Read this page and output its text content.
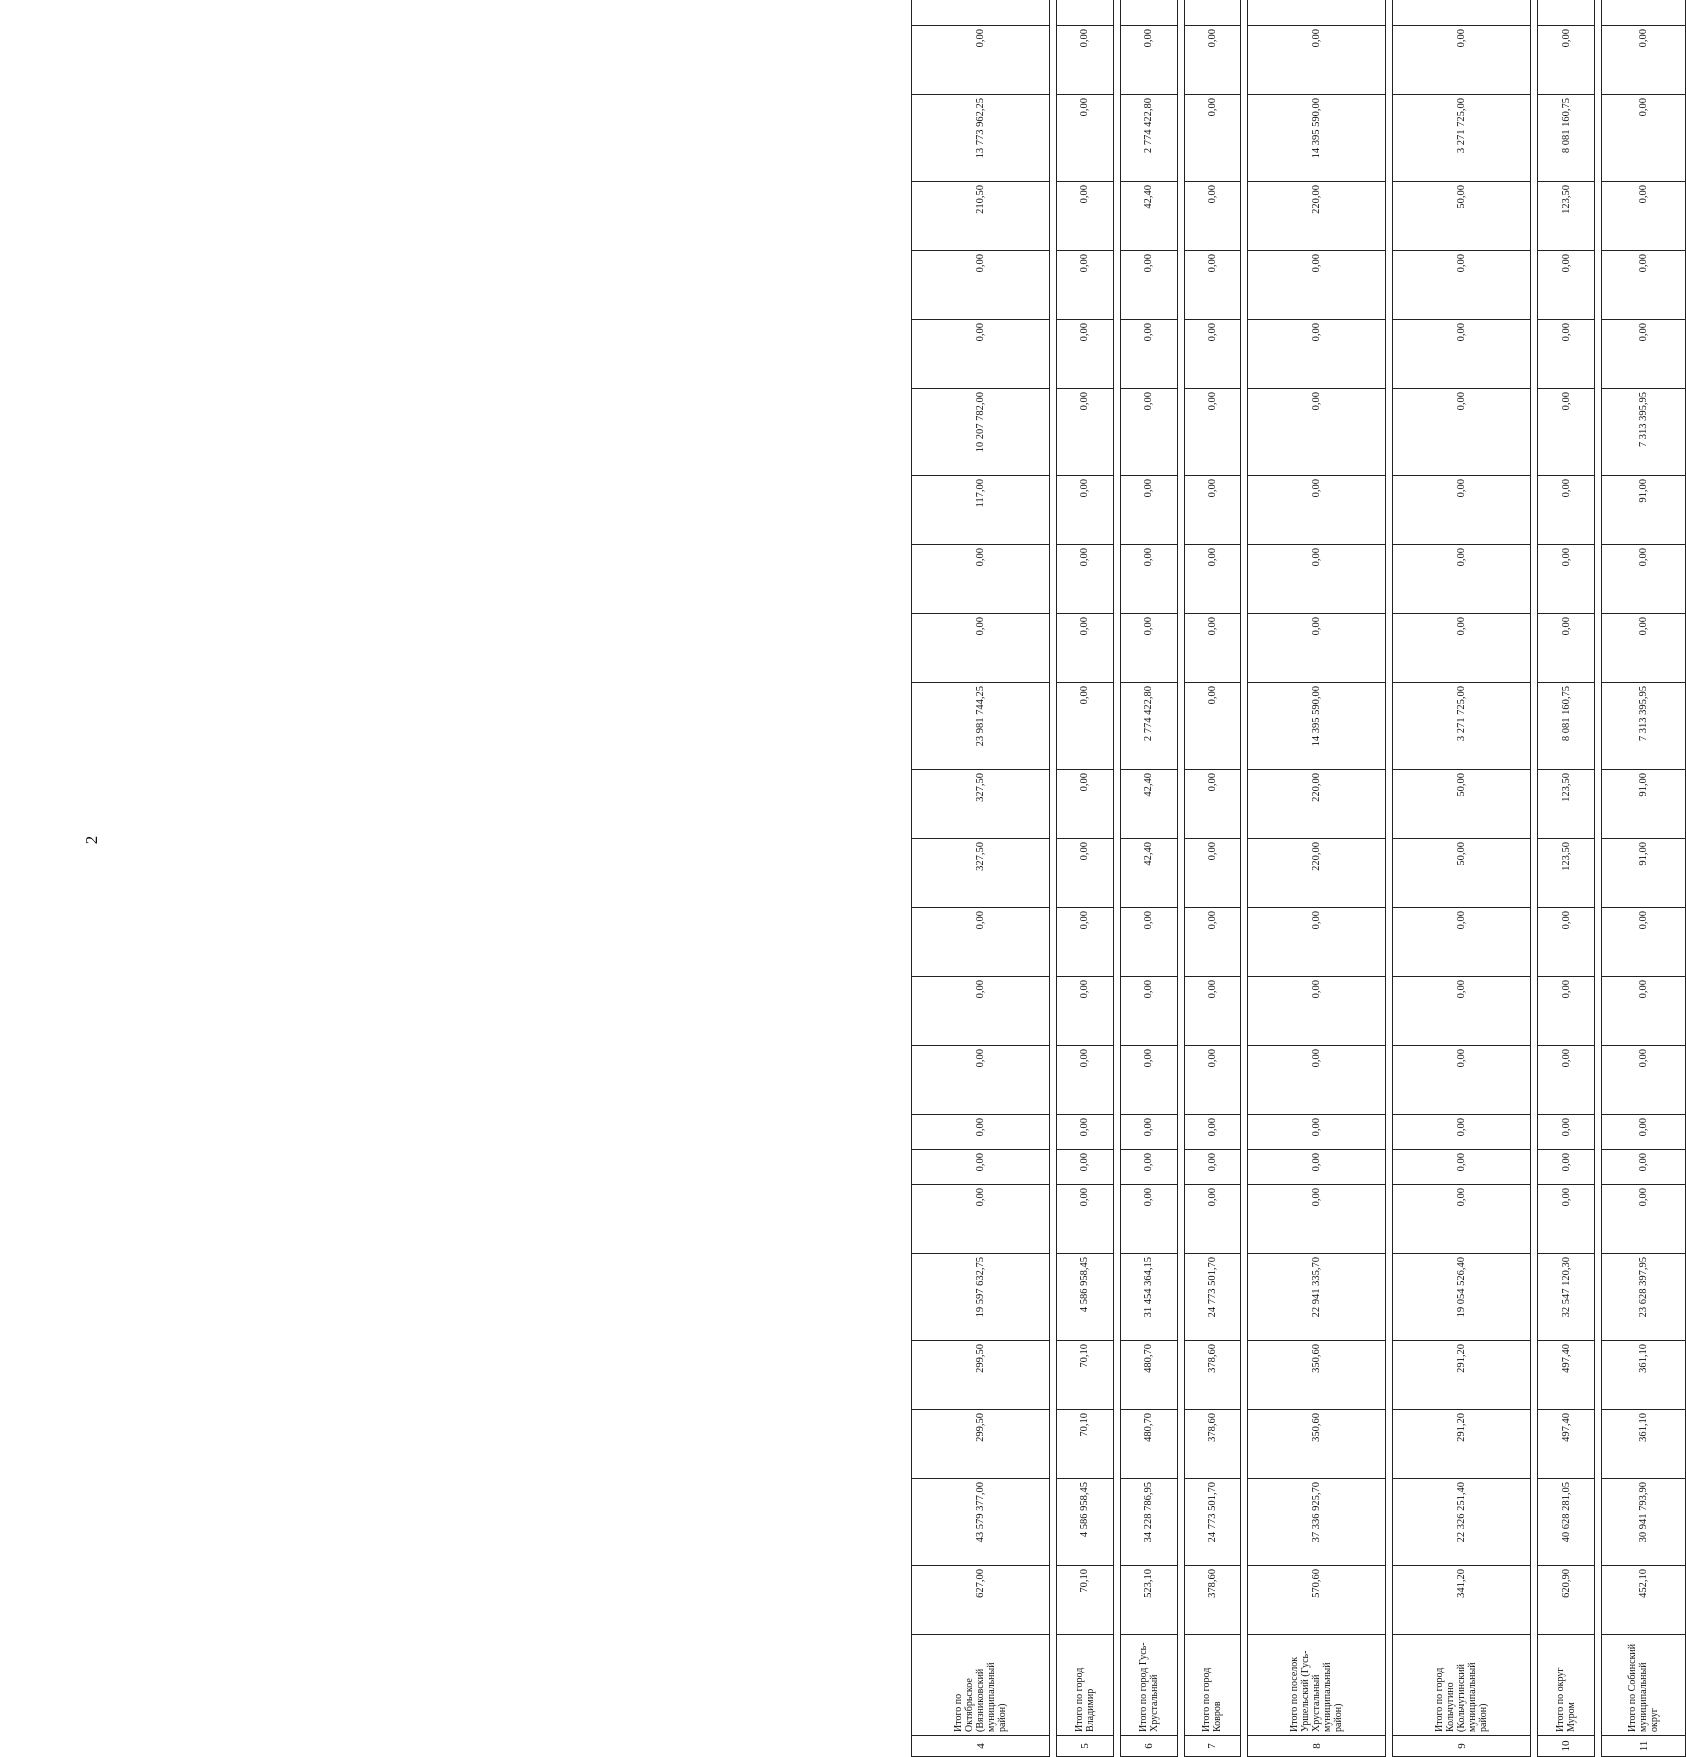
2
4	Итого по Октябрьское (Вязниковский муниципальный район)	627,00	43 579 377,00	299,50	299,50	19 597 632,75	0,00	0,00	0,00	0,00	0,00	0,00	327,50	327,50	23 981 744,25	0,00	0,00	117,00	10 207 782,00	0,00	0,00	210,50	13 773 962,25	0,00				

5	Итого по город Владимир	70,10	4 586 958,45	70,10	70,10	4 586 958,45	0,00	0,00	0,00	0,00	0,00	0,00	0,00	0,00	0,00	0,00	0,00	0,00	0,00	0,00	0,00	0,00	0,00	0,00				

6	Итого по город Гусь-Хрустальный	523,10	34 228 786,95	480,70	480,70	31 454 364,15	0,00	0,00	0,00	0,00	0,00	0,00	42,40	42,40	2 774 422,80	0,00	0,00	0,00	0,00	0,00	0,00	42,40	2 774 422,80	0,00				

7	Итого по город Ковров	378,60	24 773 501,70	378,60	378,60	24 773 501,70	0,00	0,00	0,00	0,00	0,00	0,00	0,00	0,00	0,00	0,00	0,00	0,00	0,00	0,00	0,00	0,00	0,00	0,00				

8	Итого по поселок Уршельский (Гусь-Хрустальный муниципальный район)	570,60	37 336 925,70	350,60	350,60	22 941 335,70	0,00	0,00	0,00	0,00	0,00	0,00	220,00	220,00	14 395 590,00	0,00	0,00	0,00	0,00	0,00	0,00	220,00	14 395 590,00	0,00				

9	Итого по город Кольчугино (Кольчугинский муниципальный район)	341,20	22 326 251,40	291,20	291,20	19 054 526,40	0,00	0,00	0,00	0,00	0,00	0,00	50,00	50,00	3 271 725,00	0,00	0,00	0,00	0,00	0,00	0,00	50,00	3 271 725,00	0,00				

10	Итого по округ Муром	620,90	40 628 281,05	497,40	497,40	32 547 120,30	0,00	0,00	0,00	0,00	0,00	0,00	123,50	123,50	8 081 160,75	0,00	0,00	0,00	0,00	0,00	0,00	123,50	8 081 160,75	0,00				

11	Итого по Собинский муниципальный округ	452,10	30 941 793,90	361,10	361,10	23 628 397,95	0,00	0,00	0,00	0,00	0,00	0,00	91,00	91,00	7 313 395,95	0,00	0,00	91,00	7 313 395,95	0,00	0,00	0,00	0,00	0,00				
